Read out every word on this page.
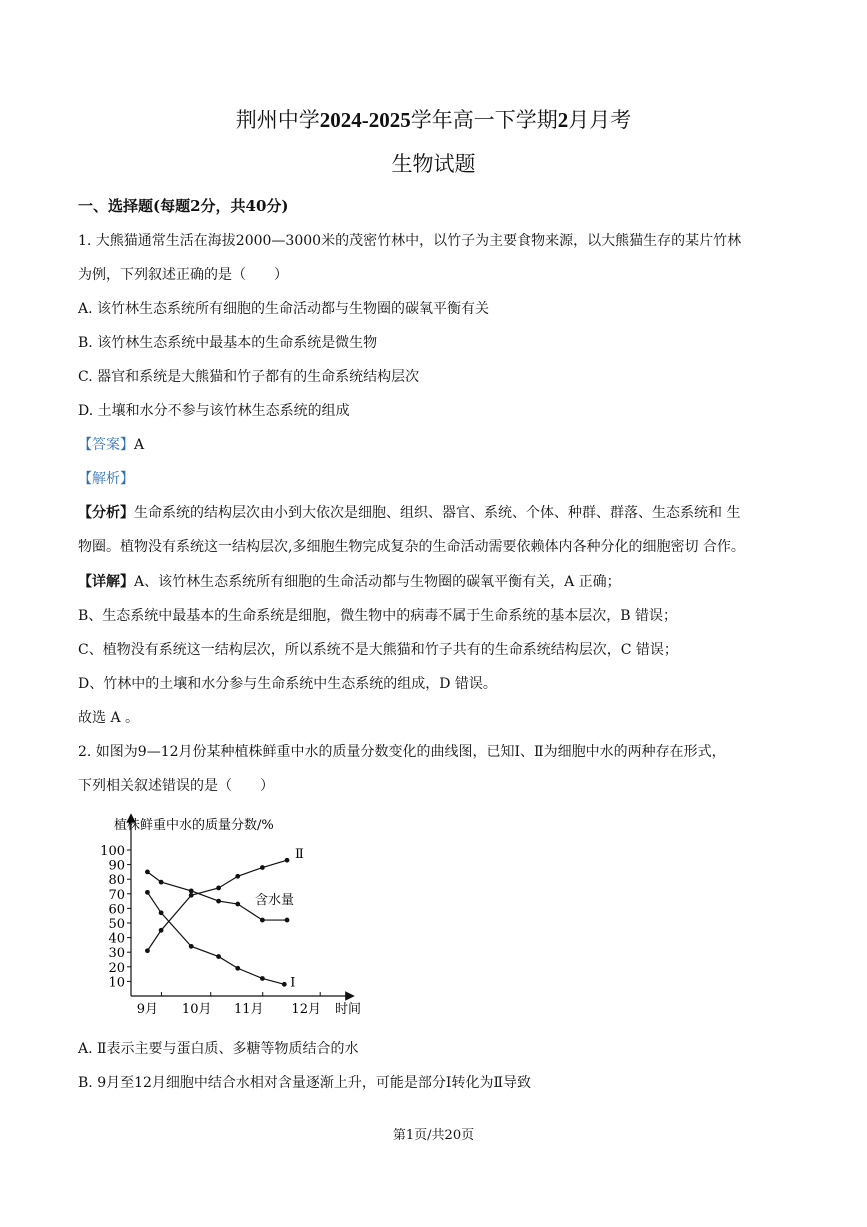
荆州中学2024-2025学年高一下学期2月月考
生物试题
一、选择题(每题2分，共40分)
1. 大熊猫通常生活在海拔2000—3000米的茂密竹林中，以竹子为主要食物来源，以大熊猫生存的某片竹林
为例，下列叙述正确的是（　　）
A. 该竹林生态系统所有细胞的生命活动都与生物圈的碳氧平衡有关
B. 该竹林生态系统中最基本的生命系统是微生物
C. 器官和系统是大熊猫和竹子都有的生命系统结构层次
D. 土壤和水分不参与该竹林生态系统的组成
【答案】A
【解析】
【分析】生命系统的结构层次由小到大依次是细胞、组织、器官、系统、个体、种群、群落、生态系统和 生
物圈。植物没有系统这一结构层次,多细胞生物完成复杂的生命活动需要依赖体内各种分化的细胞密切 合作。
【详解】A、该竹林生态系统所有细胞的生命活动都与生物圈的碳氧平衡有关，A 正确；
B、生态系统中最基本的生命系统是细胞，微生物中的病毒不属于生命系统的基本层次，B 错误；
C、植物没有系统这一结构层次，所以系统不是大熊猫和竹子共有的生命系统结构层次，C 错误；
D、竹林中的土壤和水分参与生命系统中生态系统的组成，D 错误。
故选 A 。
2. 如图为9—12月份某种植株鲜重中水的质量分数变化的曲线图，已知Ⅰ、Ⅱ为细胞中水的两种存在形式，
下列相关叙述错误的是（　　）
10
20
30
40
50
60
70
80
90
100
9月 10月 11月 12月 时间
Ⅱ
含水量
Ⅰ
植株鲜重中水的质量分数/%
A. Ⅱ表示主要与蛋白质、多糖等物质结合的水
B. 9月至12月细胞中结合水相对含量逐渐上升，可能是部分Ⅰ转化为Ⅱ导致
第1页/共20页
